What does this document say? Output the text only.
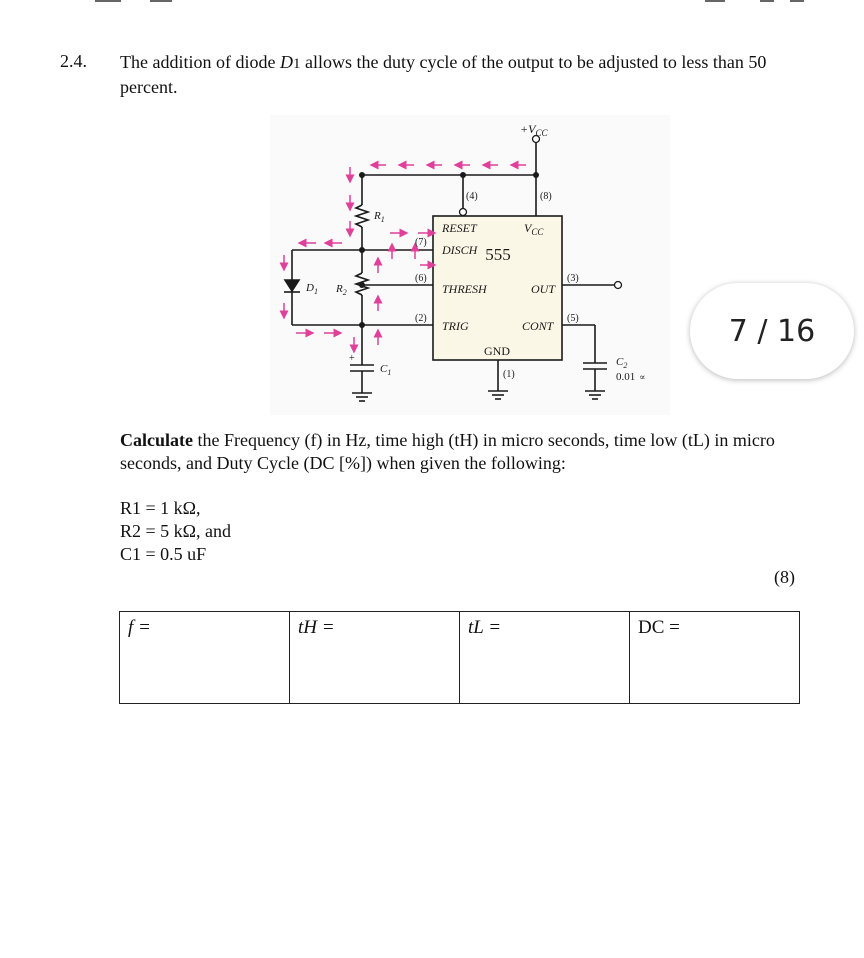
2.4. The addition of diode D1 allows the duty cycle of the output to be adjusted to less than 50 percent.
$+V_{CC}$
555
RESET
DISCH
THRESH
TRIG
$V_{CC}$
OUT
CONT
GND
(4)	(8)
(7)
(6)
(2)
(3)
(5)
(1)
$R_1$
$R_2$
$D_1$
$C_1$
$C_2$
0.01 ∝
+
7 / 16
Calculate the Frequency (f) in Hz, time high (tH) in micro seconds, time low (tL) in micro seconds, and Duty Cycle (DC [%]) when given the following:
R1 = 1 kΩ,
R2 = 5 kΩ, and
C1 = 0.5 uF
(8)
f =	tH =	tL =	DC =
